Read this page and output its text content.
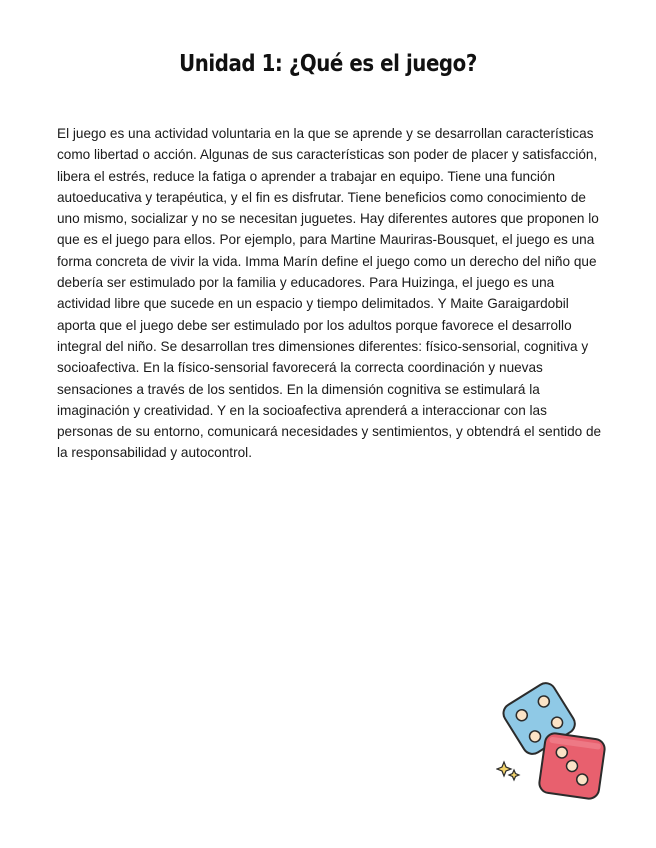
Unidad 1: ¿Qué es el juego?

El juego es una actividad voluntaria en la que se aprende y se desarrollan características como libertad o acción. Algunas de sus características son poder de placer y satisfacción, libera el estrés, reduce la fatiga o aprender a trabajar en equipo. Tiene una función autoeducativa y terapéutica, y el fin es disfrutar. Tiene beneficios como conocimiento de uno mismo, socializar y no se necesitan juguetes. Hay diferentes autores que proponen lo que es el juego para ellos. Por ejemplo, para Martine Mauriras-Bousquet, el juego es una forma concreta de vivir la vida. Imma Marín define el juego como un derecho del niño que debería ser estimulado por la familia y educadores. Para Huizinga, el juego es una actividad libre que sucede en un espacio y tiempo delimitados. Y Maite Garaigardobil aporta que el juego debe ser estimulado por los adultos porque favorece el desarrollo integral del niño. Se desarrollan tres dimensiones diferentes: físico-sensorial, cognitiva y socioafectiva. En la físico-sensorial favorecerá la correcta coordinación y nuevas sensaciones a través de los sentidos. En la dimensión cognitiva se estimulará la imaginación y creatividad. Y en la socioafectiva aprenderá a interaccionar con las personas de su entorno, comunicará necesidades y sentimientos, y obtendrá el sentido de la responsabilidad y autocontrol.
